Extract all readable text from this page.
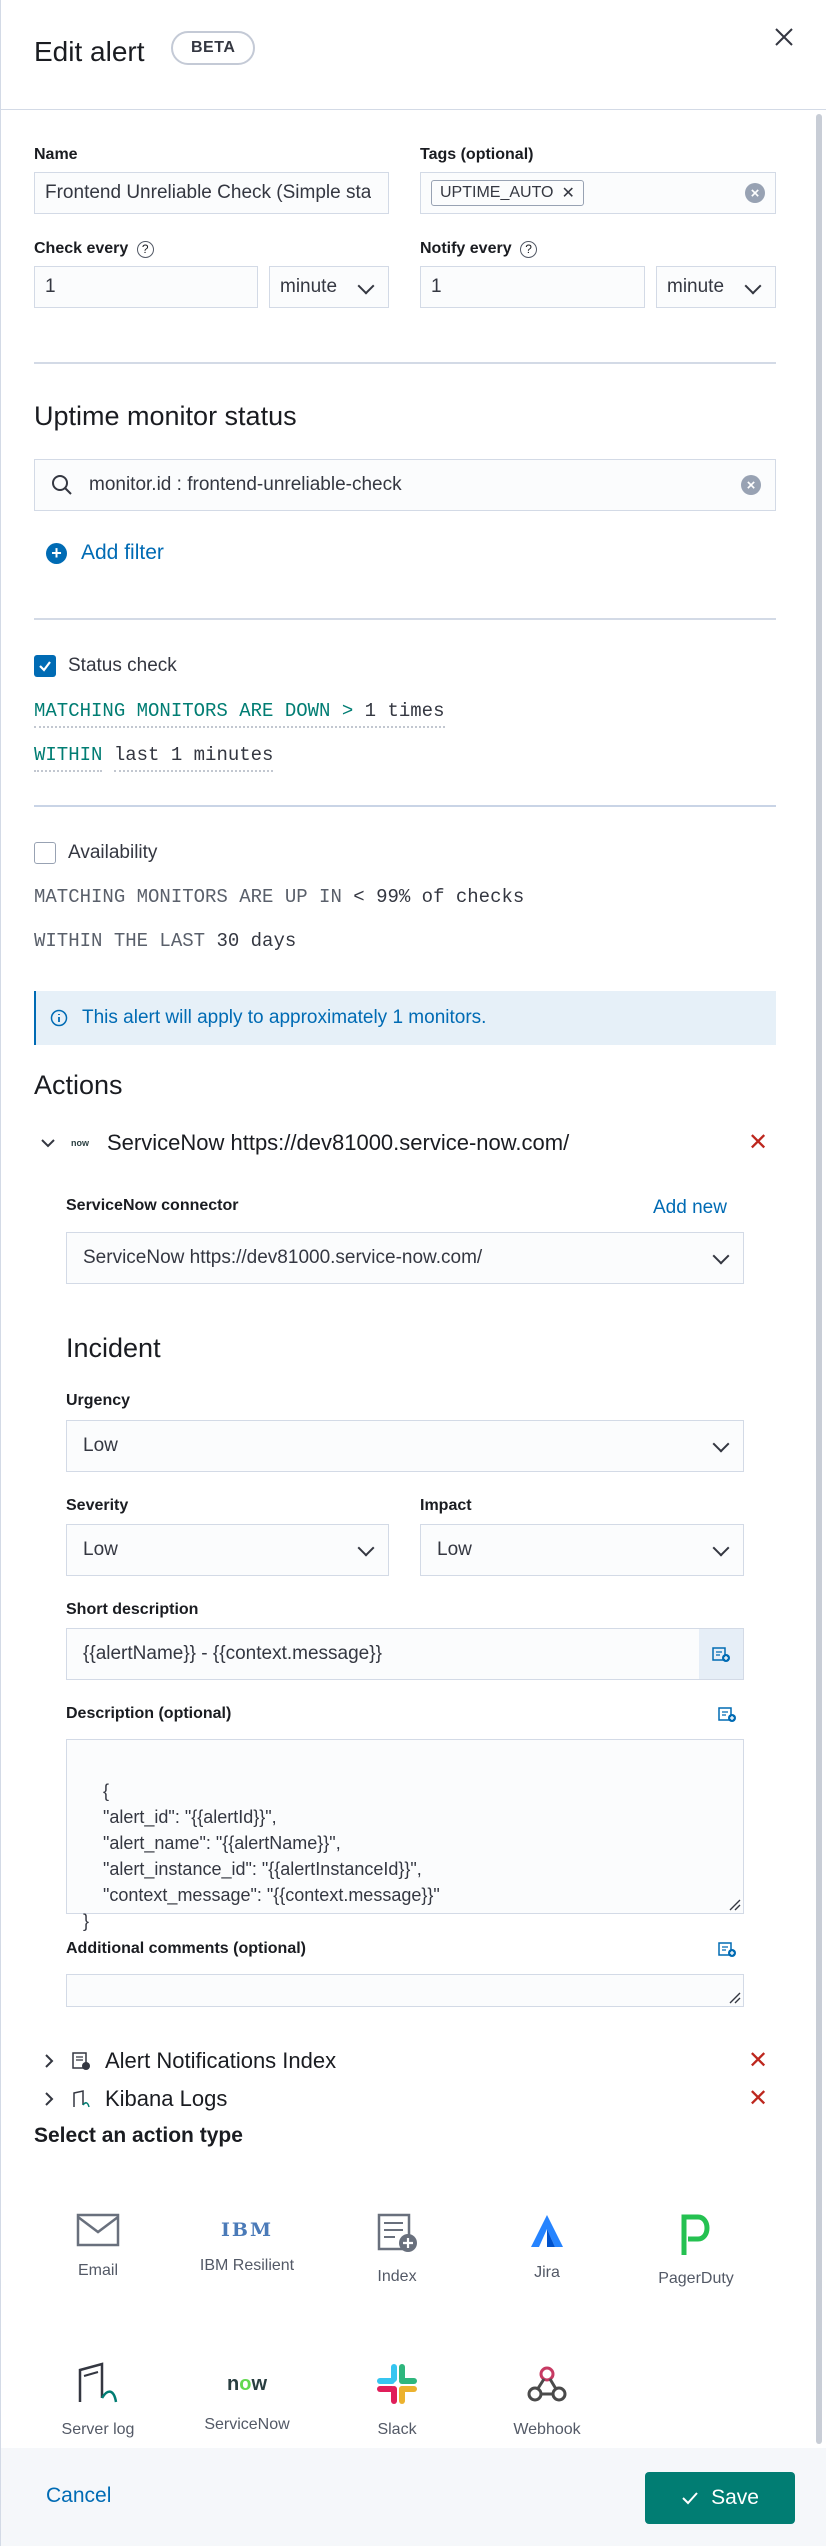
Edit alert	BETA
Name
Frontend Unreliable Check (Simple sta
Tags (optional)
UPTIME_AUTO ✕	×
Check every ?
1	minute
Notify every ?
1	minute
Uptime monitor status
monitor.id : frontend-unreliable-check	×
+ Add filter
Status check
MATCHING MONITORS ARE DOWN > 1 times
WITHIN last 1 minutes
Availability
MATCHING MONITORS ARE UP IN < 99% of checks
WITHIN THE LAST 30 days
This alert will apply to approximately 1 monitors.
Actions
now ServiceNow https://dev81000.service-now.com/	✕
ServiceNow connector	Add new
ServiceNow https://dev81000.service-now.com/
Incident
Urgency
Low
Severity
Low
Impact
Low
Short description
{{alertName}} - {{context.message}}
Description (optional)

{
"alert_id": "{{alertId}}",
"alert_name": "{{alertName}}",
"alert_instance_id": "{{alertInstanceId}}",
"context_message": "{{context.message}}"
}

Additional comments (optional)

Alert Notifications Index	✕
Kibana Logs	✕
Select an action type
Email
IBM
IBM Resilient
Index	Jira	PagerDuty
Server log
now
ServiceNow	Slack	Webhook
Cancel	Save
